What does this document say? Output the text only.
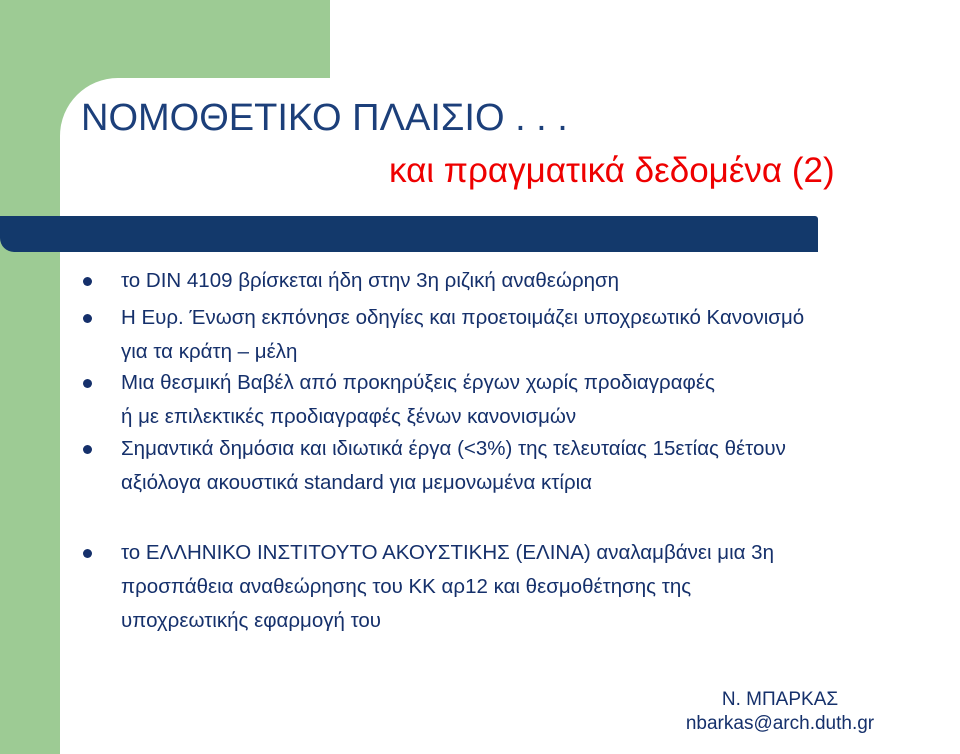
ΝΟΜΟΘΕΤΙΚΟ ΠΛΑΙΣΙΟ . . .
και πραγματικά δεδομένα (2)
το DIN 4109 βρίσκεται ήδη στην 3η ριζική αναθεώρηση
Η Ευρ. Ένωση εκπόνησε οδηγίες και προετοιμάζει υποχρεωτικό Κανονισμό
για τα κράτη – μέλη
Μια θεσμική Βαβέλ από προκηρύξεις έργων χωρίς προδιαγραφές
ή με επιλεκτικές προδιαγραφές ξένων κανονισμών
Σημαντικά δημόσια και ιδιωτικά έργα (<3%) της τελευταίας 15ετίας θέτουν
αξιόλογα ακουστικά standard για μεμονωμένα κτίρια
το ΕΛΛΗΝΙΚΟ ΙΝΣΤΙΤΟΥΤΟ ΑΚΟΥΣΤΙΚΗΣ (ΕΛΙΝΑ) αναλαμβάνει μια 3η
προσπάθεια αναθεώρησης του ΚΚ αρ12 και θεσμοθέτησης της
υποχρεωτικής εφαρμογή του
Ν. ΜΠΑΡΚΑΣ
nbarkas@arch.duth.gr
